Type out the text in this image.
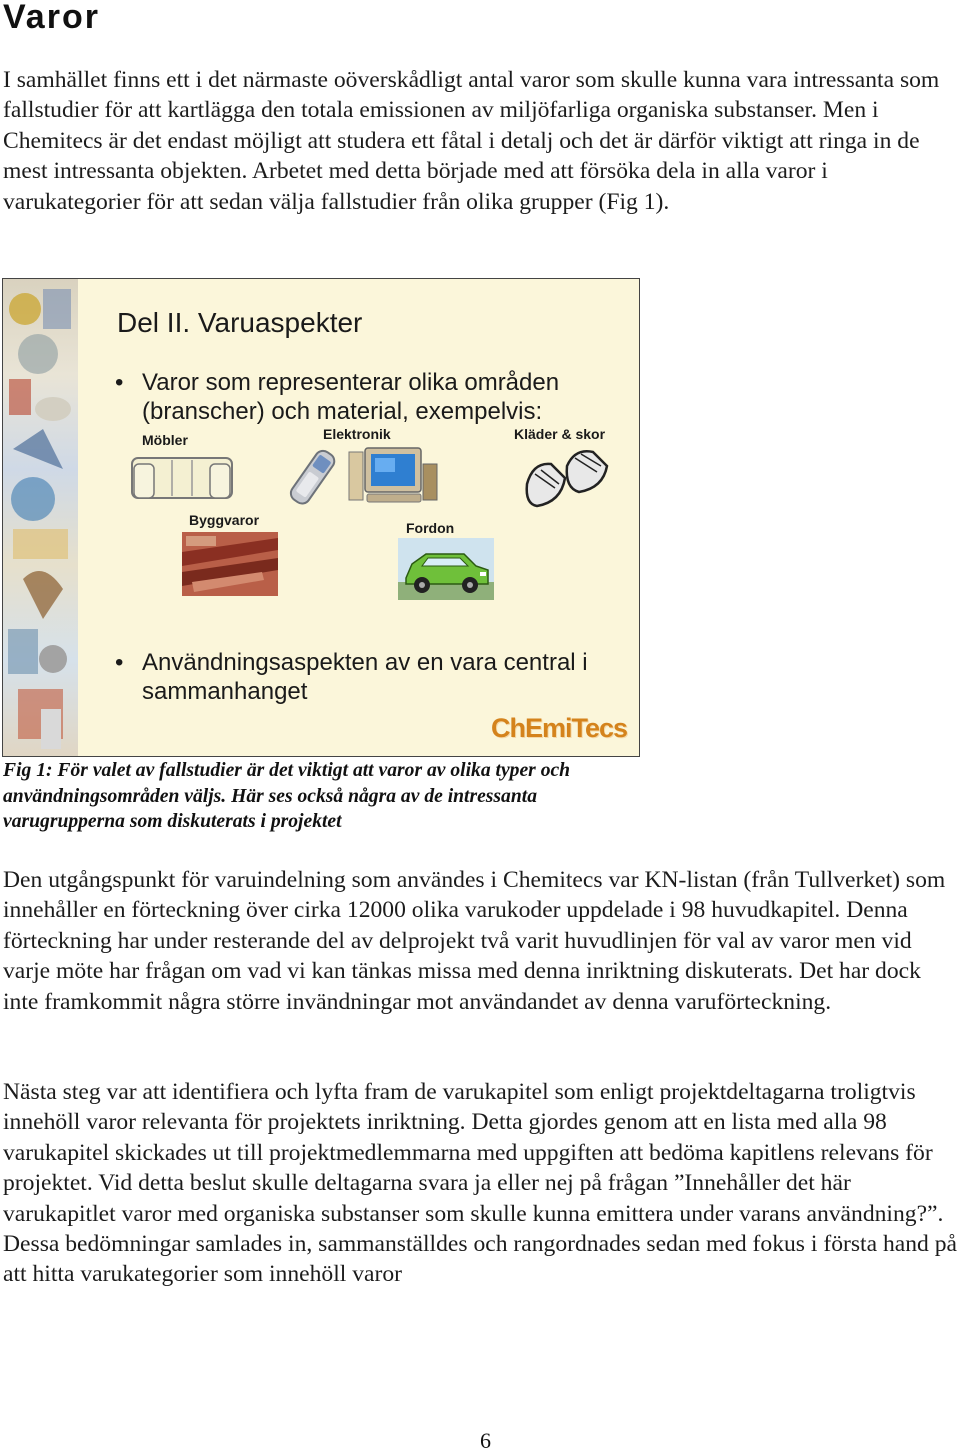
Varor

I samhället finns ett i det närmaste oöverskådligt antal varor som skulle kunna vara intressanta som fallstudier för att kartlägga den totala emissionen av miljöfarliga organiska substanser. Men i Chemitecs är det endast möjligt att studera ett fåtal i detalj och det är därför viktigt att ringa in de mest intressanta objekten. Arbetet med detta började med att försöka dela in alla varor i varukategorier för att sedan välja fallstudier från olika grupper (Fig 1).

Del II. Varuaspekter
• Varor som representerar olika områden (branscher) och material, exempelvis:
Möbler	Elektronik	Kläder & skor
Byggvaror	Fordon
• Användningsaspekten av en vara central i sammanhanget
ChEmiTecs

Fig 1: För valet av fallstudier är det viktigt att varor av olika typer och användningsområden väljs. Här ses också några av de intressanta varugrupperna som diskuterats i projektet

Den utgångspunkt för varuindelning som användes i Chemitecs var KN-listan (från Tullverket) som innehåller en förteckning över cirka 12000 olika varukoder uppdelade i 98 huvudkapitel. Denna förteckning har under resterande del av delprojekt två varit huvudlinjen för val av varor men vid varje möte har frågan om vad vi kan tänkas missa med denna inriktning diskuterats. Det har dock inte framkommit några större invändningar mot användandet av denna varuförteckning.

Nästa steg var att identifiera och lyfta fram de varukapitel som enligt projektdeltagarna troligtvis innehöll varor relevanta för projektets inriktning. Detta gjordes genom att en lista med alla 98 varukapitel skickades ut till projektmedlemmarna med uppgiften att bedöma kapitlens relevans för projektet. Vid detta beslut skulle deltagarna svara ja eller nej på frågan ”Innehåller det här varukapitlet varor med organiska substanser som skulle kunna emittera under varans användning?”. Dessa bedömningar samlades in, sammanställdes och rangordnades sedan med fokus i första hand på att hitta varukategorier som innehöll varor

6
